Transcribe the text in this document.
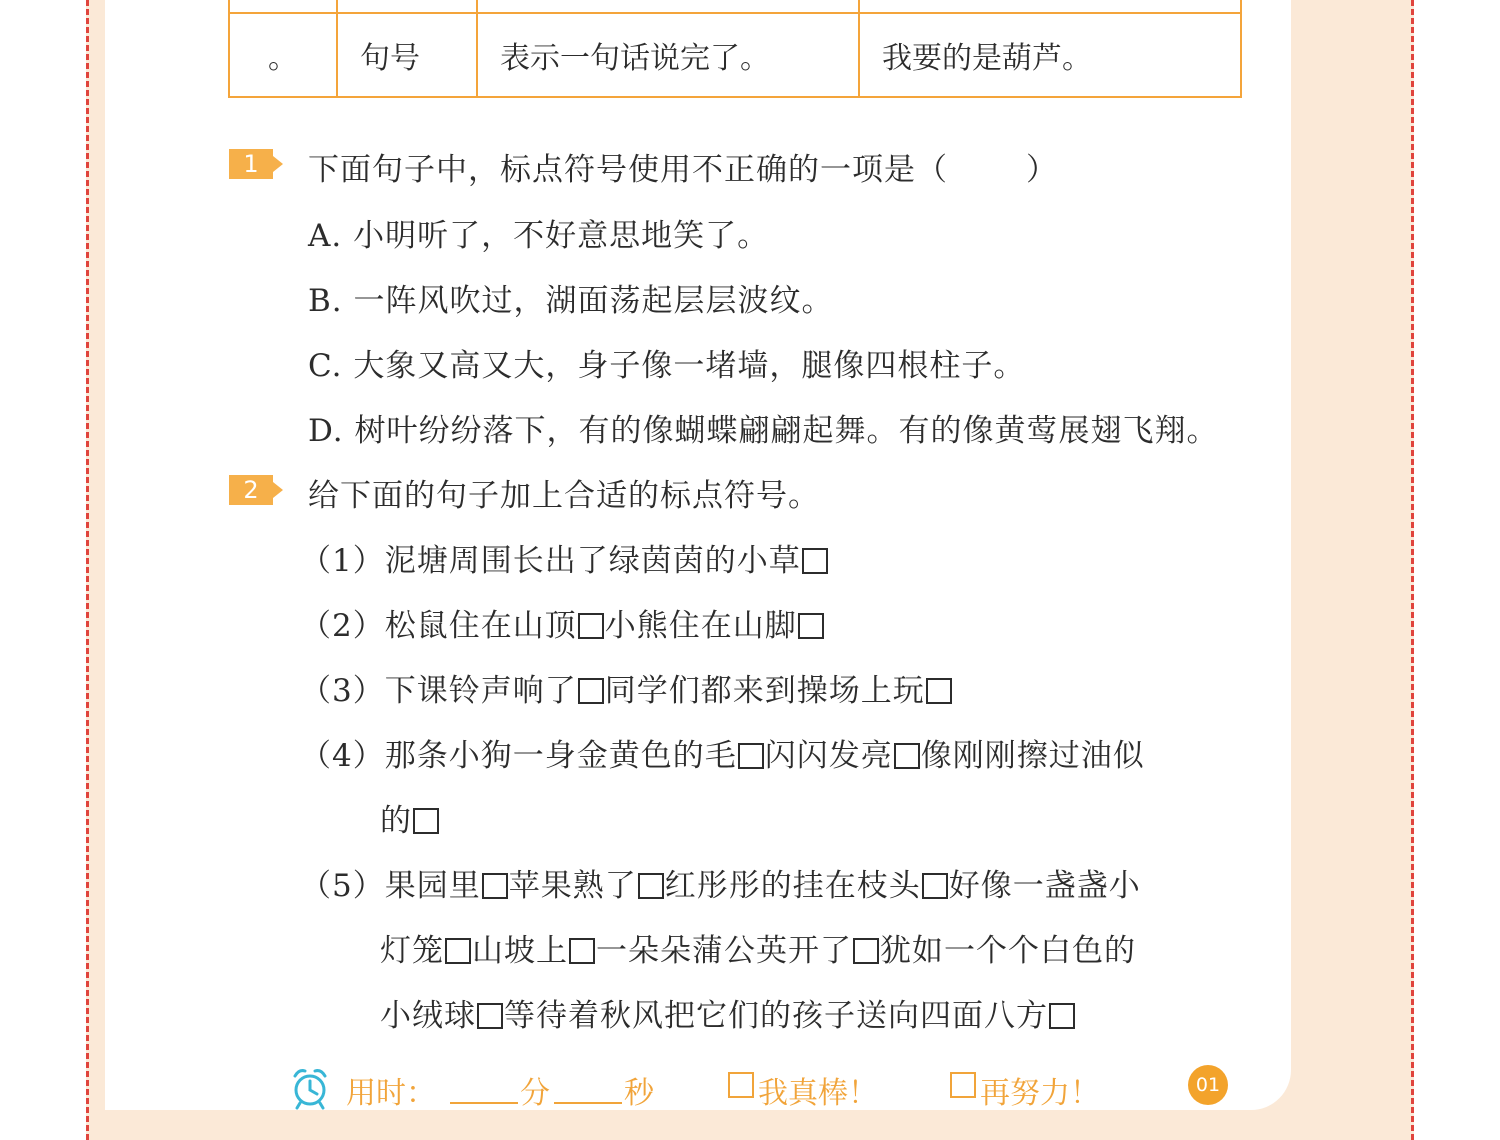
。	句号	表示一句话说完了。	我要的是葫芦。
1	下面句子中，标点符号使用不正确的一项是（	）
A. 小明听了，不好意思地笑了。
B. 一阵风吹过，湖面荡起层层波纹。
C. 大象又高又大，身子像一堵墙，腿像四根柱子。
D. 树叶纷纷落下，有的像蝴蝶翩翩起舞。有的像黄莺展翅飞翔。
2	给下面的句子加上合适的标点符号。
（1）泥塘周围长出了绿茵茵的小草
（2）松鼠住在山顶 小熊住在山脚
（3）下课铃声响了 同学们都来到操场上玩
（4）那条小狗一身金黄色的毛 闪闪发亮 像刚刚擦过油似
的
（5）果园里 苹果熟了 红彤彤的挂在枝头 好像一盏盏小
灯笼 山坡上 一朵朵蒲公英开了 犹如一个个白色的
小绒球 等待着秋风把它们的孩子送向四面八方
用时：	分 秒	我真棒！	再努力！	01
